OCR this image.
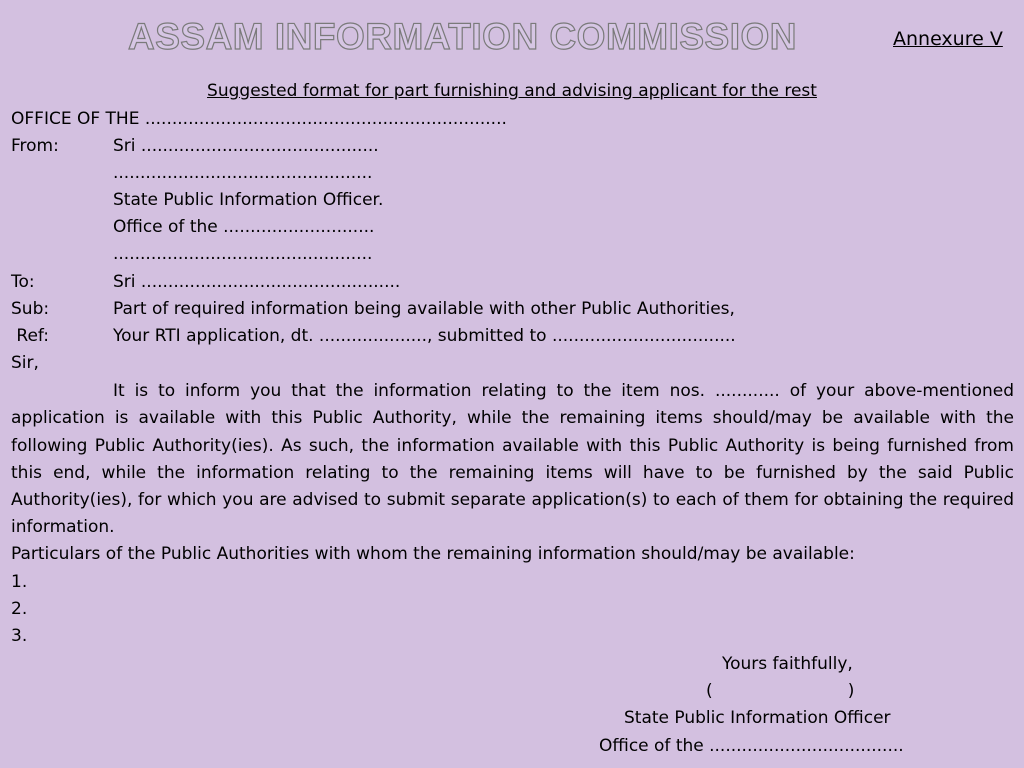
ASSAM INFORMATION COMMISSION	Annexure V
Suggested format for part furnishing and advising applicant for the rest
OFFICE OF THE ...................................................................
From:	Sri ............................................
................................................
State Public Information Officer.
Office of the ............................
................................................
To:	Sri ................................................
Sub:	Part of required information being available with other Public Authorities,
Ref:	Your RTI application, dt. ...................., submitted to ..................................
Sir,
It is to inform you that the information relating to the item nos. ............ of your above-mentioned application is available with this Public Authority, while the remaining items should/may be available with the following Public Authority(ies). As such, the information available with this Public Authority is being furnished from this end, while the information relating to the remaining items will have to be furnished by the said Public Authority(ies), for which you are advised to submit separate application(s) to each of them for obtaining the required information.
Particulars of the Public Authorities with whom the remaining information should/may be available:
1.
2.
3.
Yours faithfully,
(                         )
State Public Information Officer
Office of the ....................................
